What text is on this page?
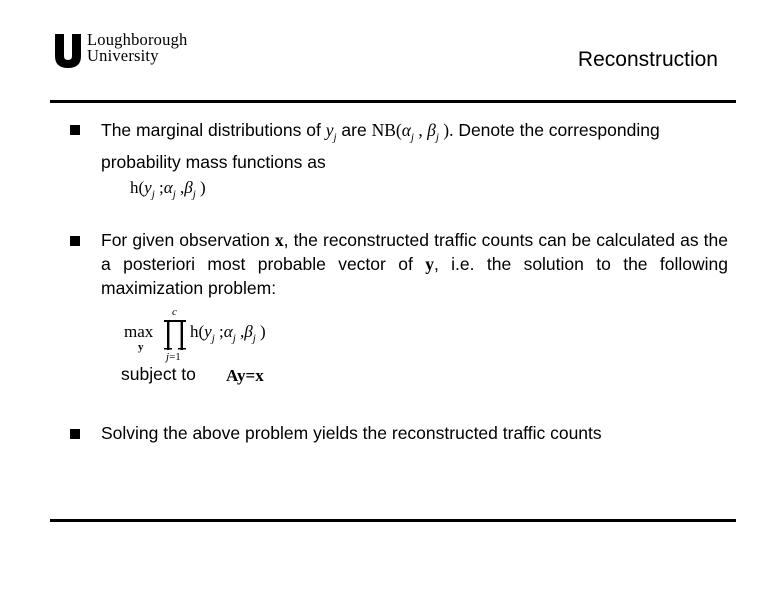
Loughborough
University	Reconstruction
The marginal distributions of $y_j$ are $NB(\alpha_j$ , $\beta_j$ ). Denote the corresponding probability mass functions as
$h(y_j$ $;\alpha_j$ $,\beta_j$ )
For given observation x, the reconstructed traffic counts can be calculated as the a posteriori most probable vector of y, i.e. the solution to the following maximization problem:
max
y
c
j=1
$h(y_j$ $;\alpha_j$ $,\beta_j$ )
subject to Ay=x
Solving the above problem yields the reconstructed traffic counts
